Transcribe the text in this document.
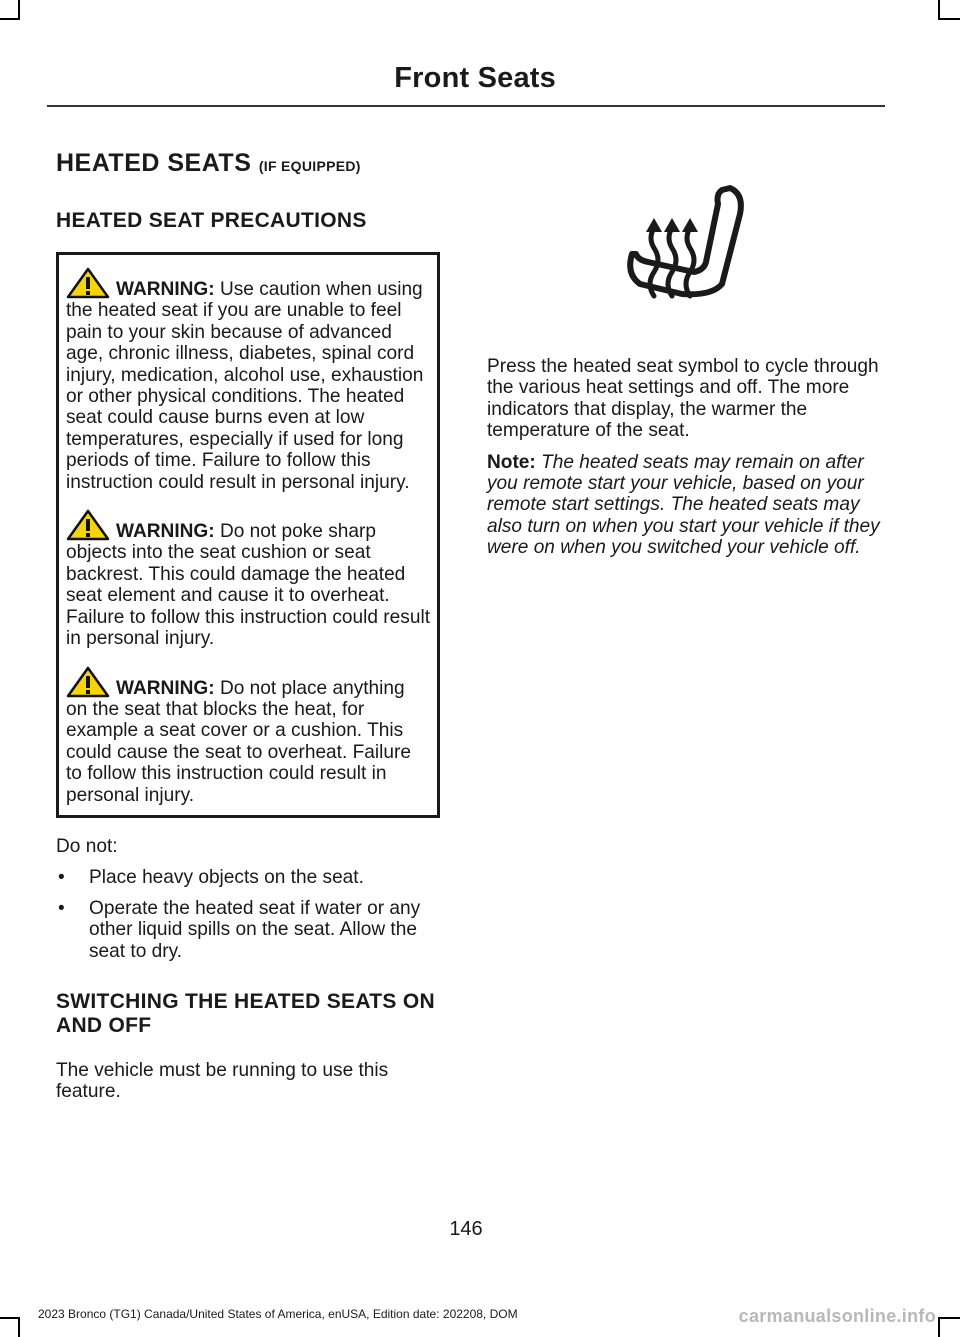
Front Seats
HEATED SEATS (IF EQUIPPED)
HEATED SEAT PRECAUTIONS

WARNING: Use caution when using the heated seat if you are unable to feel pain to your skin because of advanced age, chronic illness, diabetes, spinal cord injury, medication, alcohol use, exhaustion or other physical conditions. The heated seat could cause burns even at low temperatures, especially if used for long periods of time. Failure to follow this instruction could result in personal injury.

WARNING: Do not poke sharp objects into the seat cushion or seat backrest. This could damage the heated seat element and cause it to overheat. Failure to follow this instruction could result in personal injury.

WARNING: Do not place anything on the seat that blocks the heat, for example a seat cover or a cushion. This could cause the seat to overheat. Failure to follow this instruction could result in personal injury.

Do not:

• Place heavy objects on the seat.
• Operate the heated seat if water or any other liquid spills on the seat. Allow the seat to dry.
SWITCHING THE HEATED SEATS ON AND OFF

The vehicle must be running to use this feature.

Press the heated seat symbol to cycle through the various heat settings and off. The more indicators that display, the warmer the temperature of the seat.

Note: The heated seats may remain on after you remote start your vehicle, based on your remote start settings. The heated seats may also turn on when you start your vehicle if they were on when you switched your vehicle off.

146
2023 Bronco (TG1) Canada/United States of America, enUSA, Edition date: 202208, DOM	carmanualsonline.info
